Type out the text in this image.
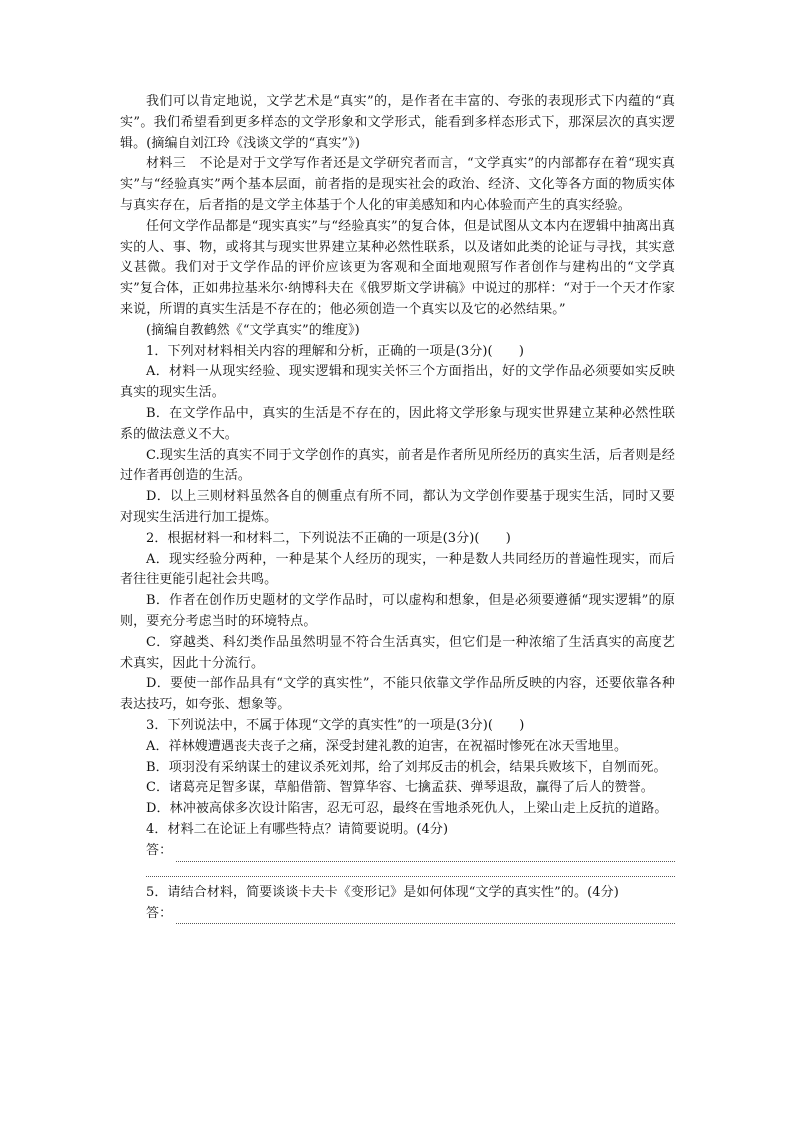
我们可以肯定地说，文学艺术是“真实”的，是作者在丰富的、夸张的表现形式下内蕴的“真实”。我们希望看到更多样态的文学形象和文学形式，能看到多样态形式下，那深层次的真实逻辑。(摘编自刘江玲《浅谈文学的“真实”》)

材料三　不论是对于文学写作者还是文学研究者而言，“文学真实”的内部都存在着“现实真实”与“经验真实”两个基本层面，前者指的是现实社会的政治、经济、文化等各方面的物质实体与真实存在，后者指的是文学主体基于个人化的审美感知和内心体验而产生的真实经验。

任何文学作品都是“现实真实”与“经验真实”的复合体，但是试图从文本内在逻辑中抽离出真实的人、事、物，或将其与现实世界建立某种必然性联系，以及诸如此类的论证与寻找，其实意义甚微。我们对于文学作品的评价应该更为客观和全面地观照写作者创作与建构出的“文学真实”复合体，正如弗拉基米尔·纳博科夫在《俄罗斯文学讲稿》中说过的那样：“对于一个天才作家来说，所谓的真实生活是不存在的；他必须创造一个真实以及它的必然结果。”

(摘编自教鹤然《“文学真实”的维度》)

1．下列对材料相关内容的理解和分析，正确的一项是(3分)(　　)

A．材料一从现实经验、现实逻辑和现实关怀三个方面指出，好的文学作品必须要如实反映真实的现实生活。

B．在文学作品中，真实的生活是不存在的，因此将文学形象与现实世界建立某种必然性联系的做法意义不大。

C.现实生活的真实不同于文学创作的真实，前者是作者所见所经历的真实生活，后者则是经过作者再创造的生活。

D．以上三则材料虽然各自的侧重点有所不同，都认为文学创作要基于现实生活，同时又要对现实生活进行加工提炼。

2．根据材料一和材料二，下列说法不正确的一项是(3分)(　　)

A．现实经验分两种，一种是某个人经历的现实，一种是数人共同经历的普遍性现实，而后者往往更能引起社会共鸣。

B．作者在创作历史题材的文学作品时，可以虚构和想象，但是必须要遵循“现实逻辑”的原则，要充分考虑当时的环境特点。

C．穿越类、科幻类作品虽然明显不符合生活真实，但它们是一种浓缩了生活真实的高度艺术真实，因此十分流行。

D．要使一部作品具有“文学的真实性”，不能只依靠文学作品所反映的内容，还要依靠各种表达技巧，如夸张、想象等。

3．下列说法中，不属于体现“文学的真实性”的一项是(3分)(　　)

A．祥林嫂遭遇丧夫丧子之痛，深受封建礼教的迫害，在祝福时惨死在冰天雪地里。

B．项羽没有采纳谋士的建议杀死刘邦，给了刘邦反击的机会，结果兵败垓下，自刎而死。

C．诸葛亮足智多谋，草船借箭、智算华容、七擒孟获、弹琴退敌，赢得了后人的赞誉。

D．林冲被高俅多次设计陷害，忍无可忍，最终在雪地杀死仇人，上梁山走上反抗的道路。

4．材料二在论证上有哪些特点？请简要说明。(4分)

答：

5．请结合材料，简要谈谈卡夫卡《变形记》是如何体现“文学的真实性”的。(4分)

答：
